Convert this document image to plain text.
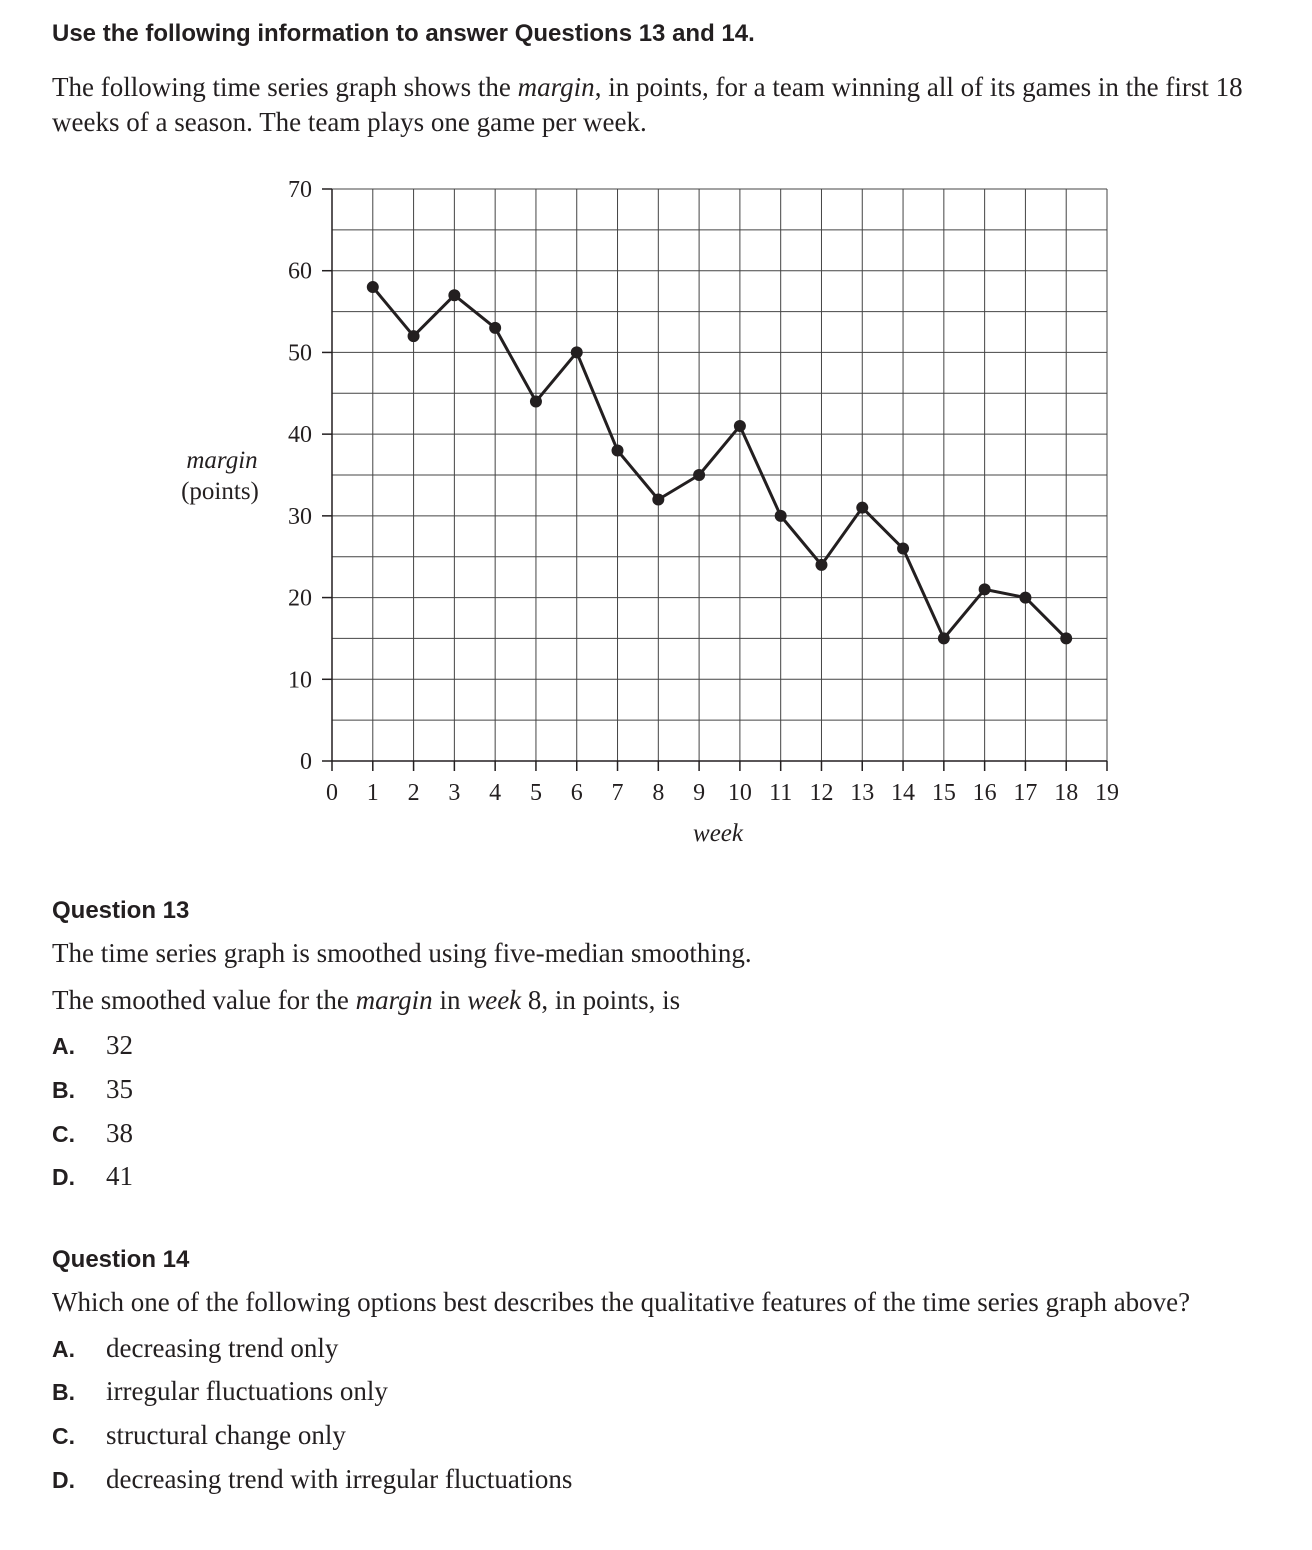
Use the following information to answer Questions 13 and 14.
The following time series graph shows the margin, in points, for a team winning all of its games in the first 18 weeks of a season. The team plays one game per week.
0
10
20
30
40
50
60
70
0 1 2 3 4 5 6 7 8 9 10 11 12 13 14 15 16 17 18 19
margin
(points)
week
Question 13
The time series graph is smoothed using five-median smoothing.
The smoothed value for the margin in week 8, in points, is
A.	32
B.	35
C.	38
D.	41
Question 14
Which one of the following options best describes the qualitative features of the time series graph above?
A.	decreasing trend only
B.	irregular fluctuations only
C.	structural change only
D.	decreasing trend with irregular fluctuations
